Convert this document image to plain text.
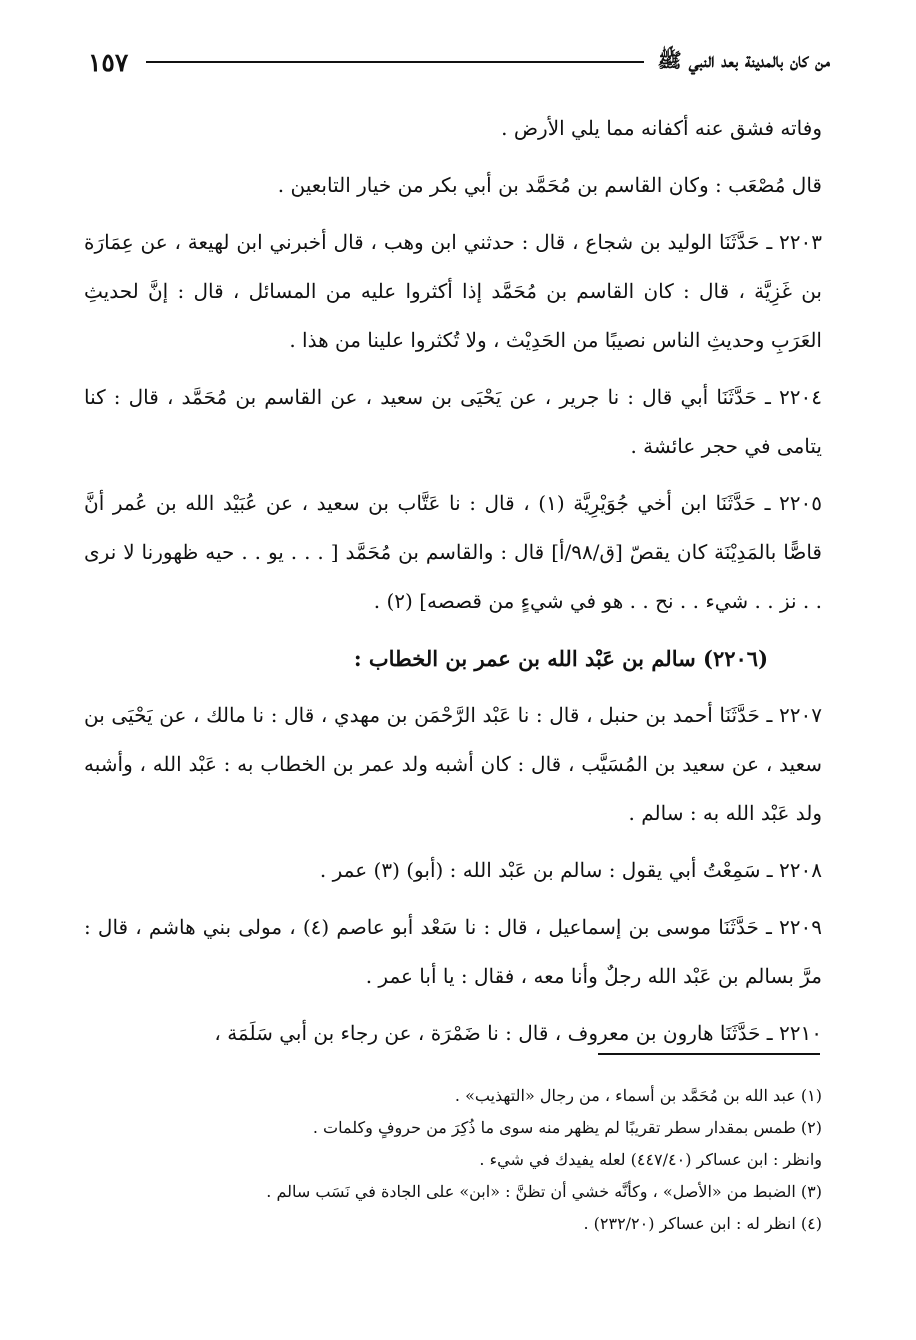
من كان بالمدينة بعد النبي ﷺ
١٥٧

وفاته فشق عنه أكفانه مما يلي الأرض .

قال مُصْعَب : وكان القاسم بن مُحَمَّد بن أبي بكر من خيار التابعين .

٢٢٠٣ ـ حَدَّثَنَا الوليد بن شجاع ، قال : حدثني ابن وهب ، قال أخبرني ابن لهيعة ، عن عِمَارَة بن غَزِيَّة ، قال : كان القاسم بن مُحَمَّد إذا أكثروا عليه من المسائل ، قال : إنَّ لحديثِ العَرَبِ وحديثِ الناس نصيبًا من الحَدِيْث ، ولا تُكثروا علينا من هذا .

٢٢٠٤ ـ حَدَّثَنَا أبي قال : نا جرير ، عن يَحْيَى بن سعيد ، عن القاسم بن مُحَمَّد ، قال : كنا يتامى في حجر عائشة .

٢٢٠٥ ـ حَدَّثَنَا ابن أخي جُوَيْرِيَّة (١) ، قال : نا عَتَّاب بن سعيد ، عن عُبَيْد الله بن عُمر أنَّ قاصًّا بالمَدِيْنَة كان يقصّ [ق/٩٨/أ] قال : والقاسم بن مُحَمَّد [ . . . يو . . حيه ظهورنا لا نرى . . نز . . شيء . . نح . . هو في شيءٍ من قصصه] (٢) .

(٢٢٠٦) سالم بن عَبْد الله بن عمر بن الخطاب :

٢٢٠٧ ـ حَدَّثَنَا أحمد بن حنبل ، قال : نا عَبْد الرَّحْمَن بن مهدي ، قال : نا مالك ، عن يَحْيَى بن سعيد ، عن سعيد بن المُسَيَّب ، قال : كان أشبه ولد عمر بن الخطاب به : عَبْد الله ، وأشبه ولد عَبْد الله به : سالم .

٢٢٠٨ ـ سَمِعْتُ أبي يقول : سالم بن عَبْد الله : (أبو) (٣) عمر .

٢٢٠٩ ـ حَدَّثَنَا موسى بن إسماعيل ، قال : نا سَعْد أبو عاصم (٤) ، مولى بني هاشم ، قال : مرَّ بسالم بن عَبْد الله رجلٌ وأنا معه ، فقال : يا أبا عمر .

٢٢١٠ ـ حَدَّثَنَا هارون بن معروف ، قال : نا ضَمْرَة ، عن رجاء بن أبي سَلَمَة ،

(١) عبد الله بن مُحَمَّد بن أسماء ، من رجال «التهذيب» .

(٢) طمس بمقدار سطر تقريبًا لم يظهر منه سوى ما ذُكِرَ من حروفٍ وكلمات .

وانظر : ابن عساكر (٤٤٧/٤٠) لعله يفيدك في شيء .

(٣) الضبط من «الأصل» ، وكأنَّه خشي أن تظنَّ : «ابن» على الجادة في نَسَب سالم .

(٤) انظر له : ابن عساكر (٢٣٢/٢٠) .
